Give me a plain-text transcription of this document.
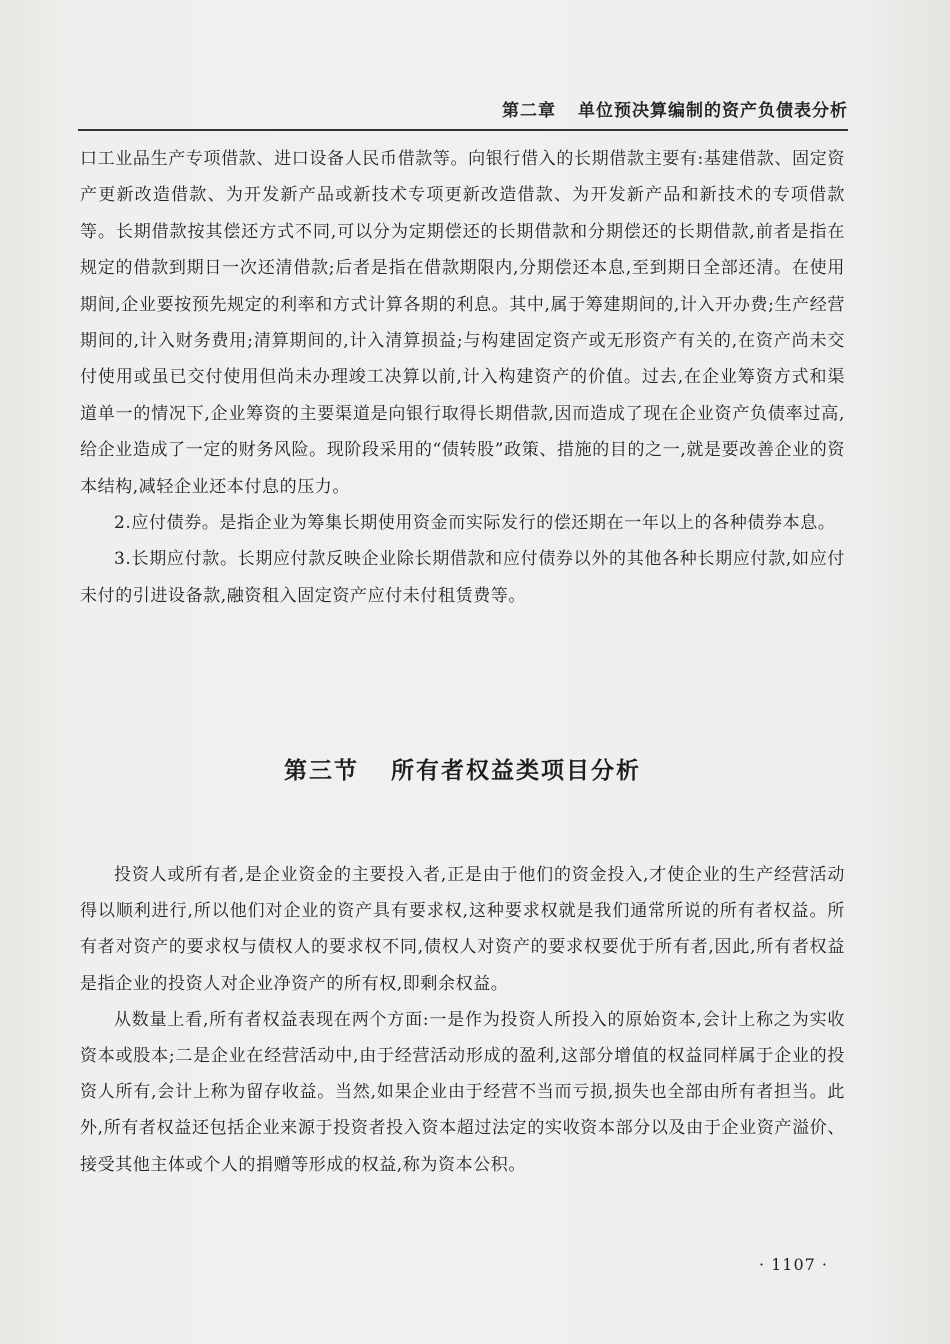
第二章 单位预决算编制的资产负债表分析

口工业品生产专项借款、进口设备人民币借款等。向银行借入的长期借款主要有:基建借款、固定资产更新改造借款、为开发新产品或新技术专项更新改造借款、为开发新产品和新技术的专项借款等。长期借款按其偿还方式不同,可以分为定期偿还的长期借款和分期偿还的长期借款,前者是指在规定的借款到期日一次还清借款;后者是指在借款期限内,分期偿还本息,至到期日全部还清。在使用期间,企业要按预先规定的利率和方式计算各期的利息。其中,属于筹建期间的,计入开办费;生产经营期间的,计入财务费用;清算期间的,计入清算损益;与构建固定资产或无形资产有关的,在资产尚未交付使用或虽已交付使用但尚未办理竣工决算以前,计入构建资产的价值。过去,在企业筹资方式和渠道单一的情况下,企业筹资的主要渠道是向银行取得长期借款,因而造成了现在企业资产负债率过高,给企业造成了一定的财务风险。现阶段采用的“债转股”政策、措施的目的之一,就是要改善企业的资本结构,减轻企业还本付息的压力。

2.应付债券。是指企业为筹集长期使用资金而实际发行的偿还期在一年以上的各种债券本息。

3.长期应付款。长期应付款反映企业除长期借款和应付债券以外的其他各种长期应付款,如应付未付的引进设备款,融资租入固定资产应付未付租赁费等。

第三节 所有者权益类项目分析

投资人或所有者,是企业资金的主要投入者,正是由于他们的资金投入,才使企业的生产经营活动得以顺利进行,所以他们对企业的资产具有要求权,这种要求权就是我们通常所说的所有者权益。所有者对资产的要求权与债权人的要求权不同,债权人对资产的要求权要优于所有者,因此,所有者权益是指企业的投资人对企业净资产的所有权,即剩余权益。

从数量上看,所有者权益表现在两个方面:一是作为投资人所投入的原始资本,会计上称之为实收资本或股本;二是企业在经营活动中,由于经营活动形成的盈利,这部分增值的权益同样属于企业的投资人所有,会计上称为留存收益。当然,如果企业由于经营不当而亏损,损失也全部由所有者担当。此外,所有者权益还包括企业来源于投资者投入资本超过法定的实收资本部分以及由于企业资产溢价、接受其他主体或个人的捐赠等形成的权益,称为资本公积。

· 1107 ·
